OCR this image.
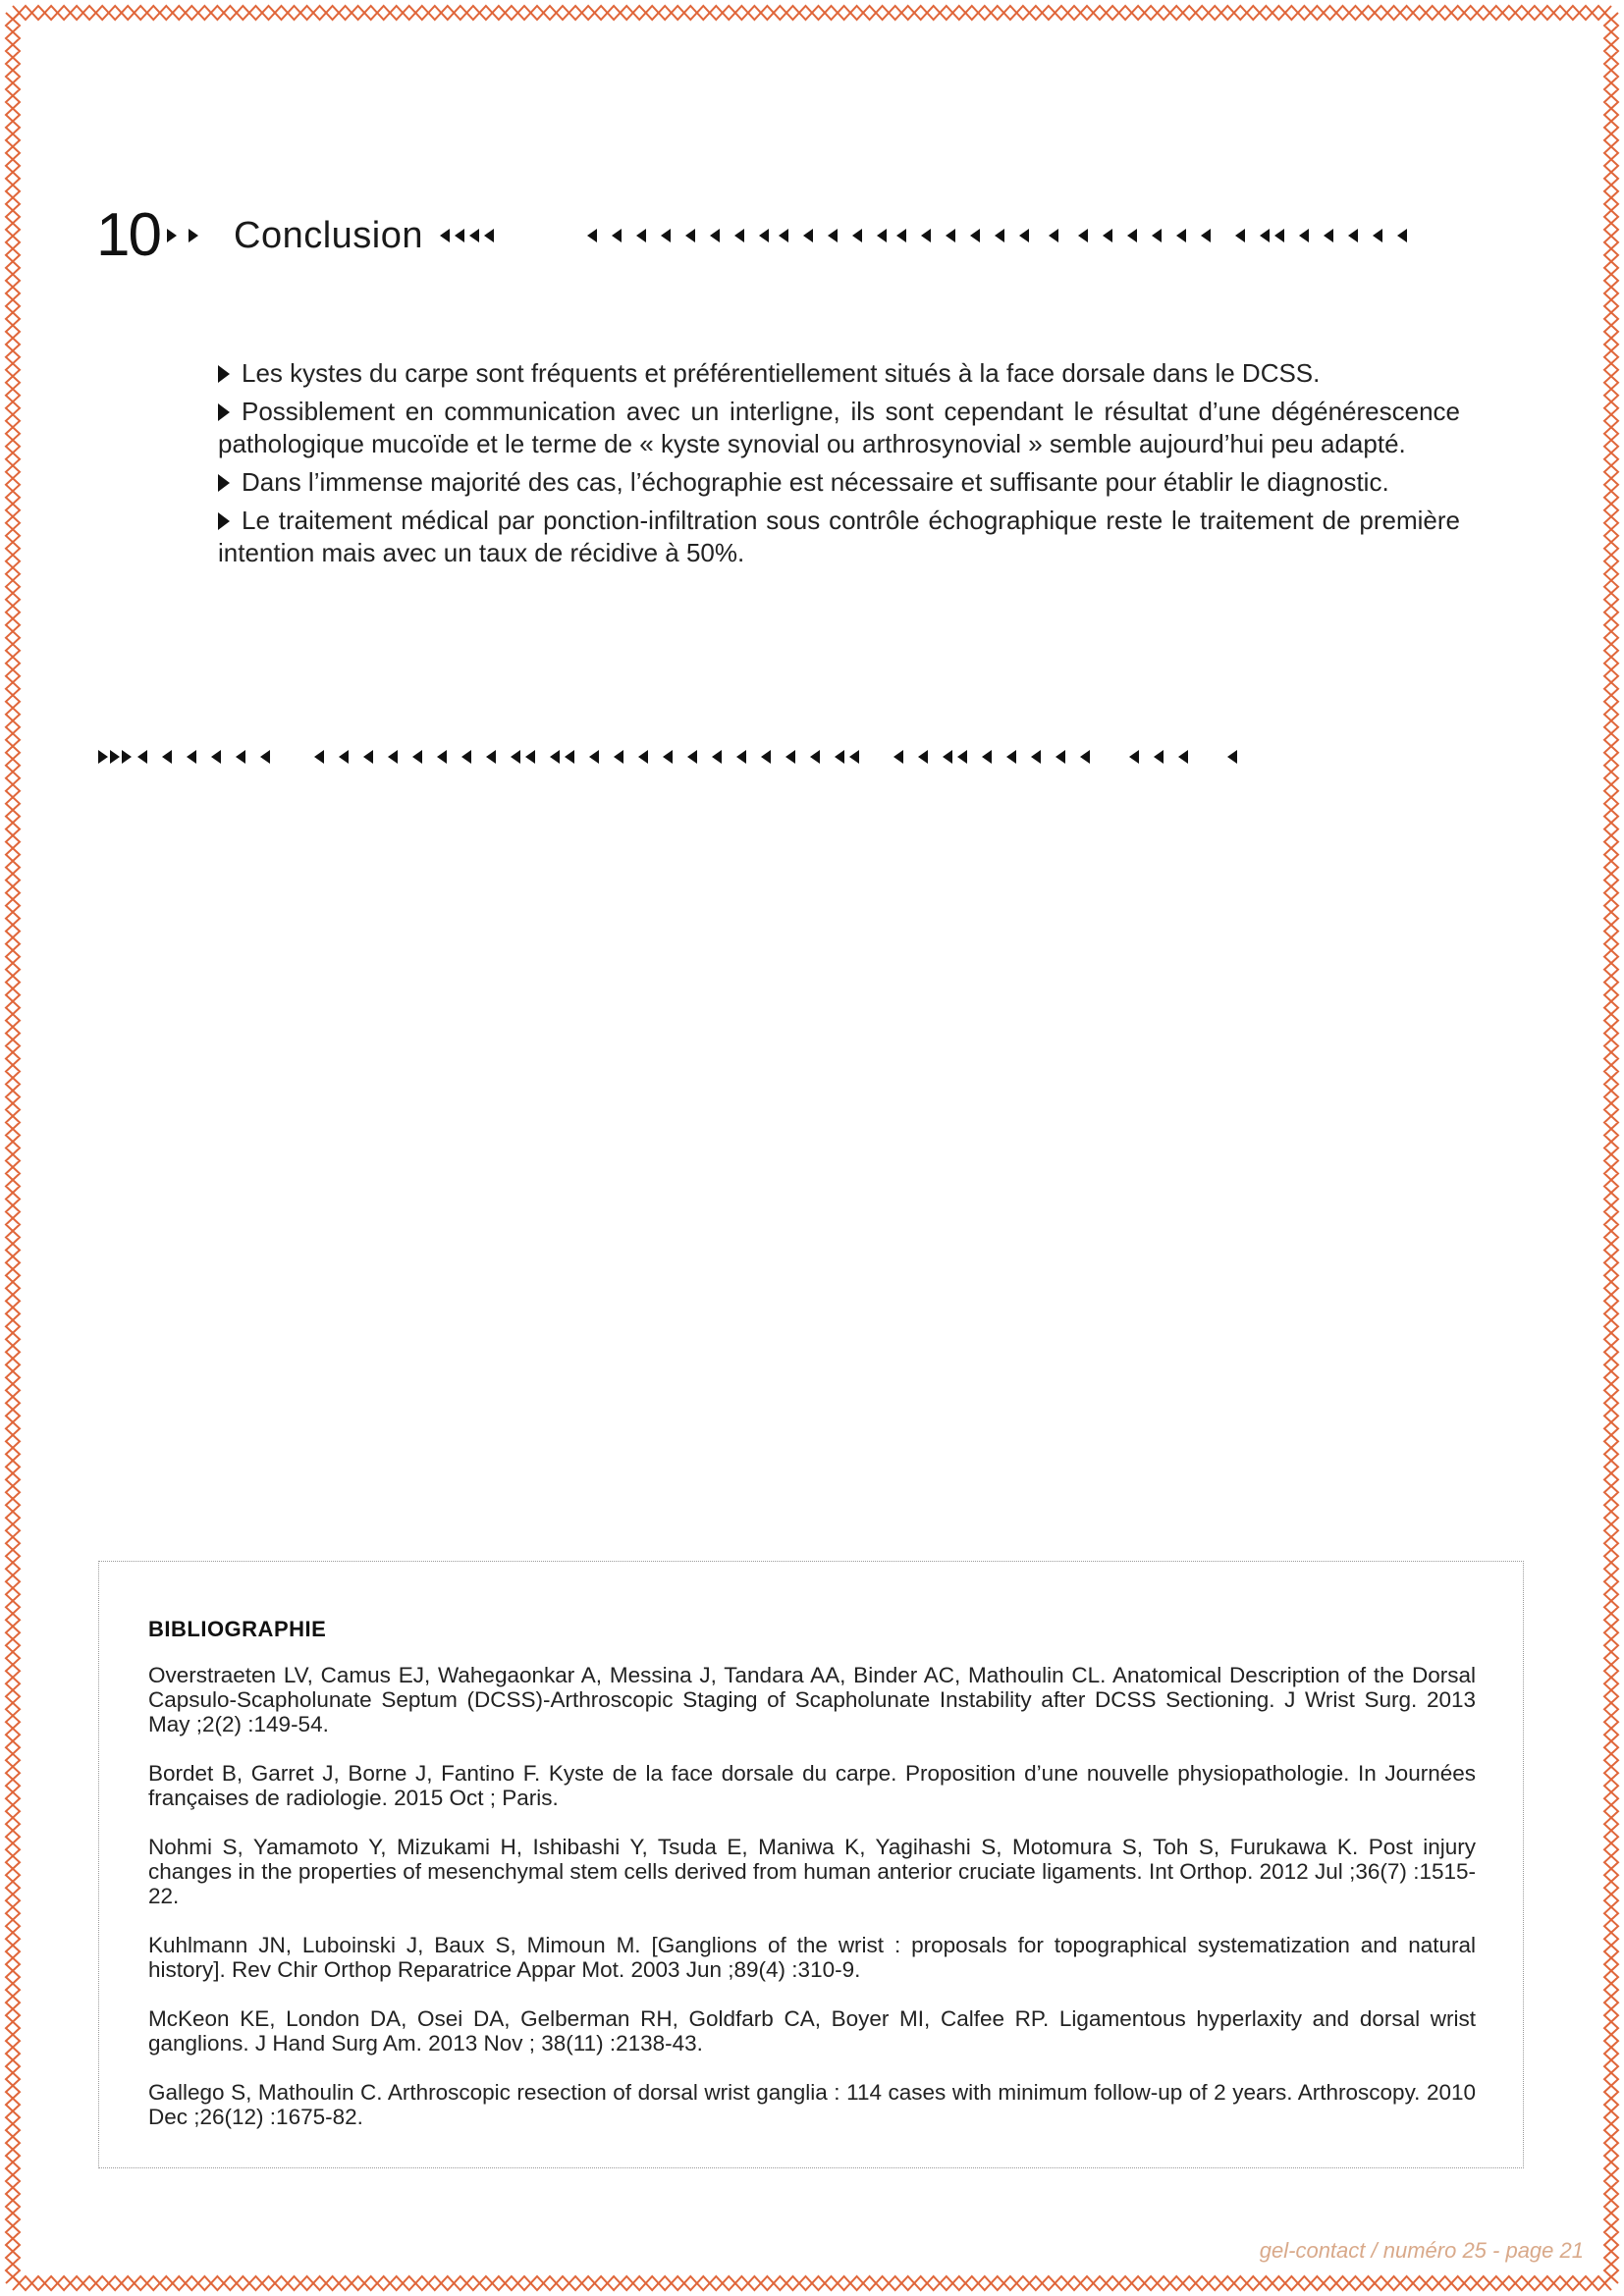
10 Conclusion

Les kystes du carpe sont fréquents et préférentiellement situés à la face dorsale dans le DCSS.

Possiblement en communication avec un interligne, ils sont cependant le résultat d’une dégénérescence pathologique mucoïde et le terme de « kyste synovial ou arthrosynovial » semble aujourd’hui peu adapté.

Dans l’immense majorité des cas, l’échographie est nécessaire et suffisante pour établir le diagnostic.

Le traitement médical par ponction-infiltration sous contrôle échographique reste le traitement de première intention mais avec un taux de récidive à 50%.

BIBLIOGRAPHIE
Overstraeten LV, Camus EJ, Wahegaonkar A, Messina J, Tandara AA, Binder AC, Mathoulin CL. Anatomical Description of the Dorsal Capsulo-Scapholunate Septum (DCSS)-Arthroscopic Staging of Scapholunate Instability after DCSS Sectioning. J Wrist Surg. 2013 May ;2(2) :149-54.
Bordet B, Garret J, Borne J, Fantino F. Kyste de la face dorsale du carpe. Proposition d’une nouvelle physiopathologie. In Journées françaises de radiologie. 2015 Oct ; Paris.
Nohmi S, Yamamoto Y, Mizukami H, Ishibashi Y, Tsuda E, Maniwa K, Yagihashi S, Motomura S, Toh S, Furukawa K. Post injury changes in the properties of mesenchymal stem cells derived from human anterior cruciate ligaments. Int Orthop. 2012 Jul ;36(7) :1515-22.
Kuhlmann JN, Luboinski J, Baux S, Mimoun M. [Ganglions of the wrist : proposals for topographical systematization and natural history]. Rev Chir Orthop Reparatrice Appar Mot. 2003 Jun ;89(4) :310-9.
McKeon KE, London DA, Osei DA, Gelberman RH, Goldfarb CA, Boyer MI, Calfee RP. Ligamentous hyperlaxity and dorsal wrist ganglions. J Hand Surg Am. 2013 Nov ; 38(11) :2138-43.
Gallego S, Mathoulin C. Arthroscopic resection of dorsal wrist ganglia : 114 cases with minimum follow-up of 2 years. Arthroscopy. 2010 Dec ;26(12) :1675-82.
gel-contact / numéro 25 - page 21
